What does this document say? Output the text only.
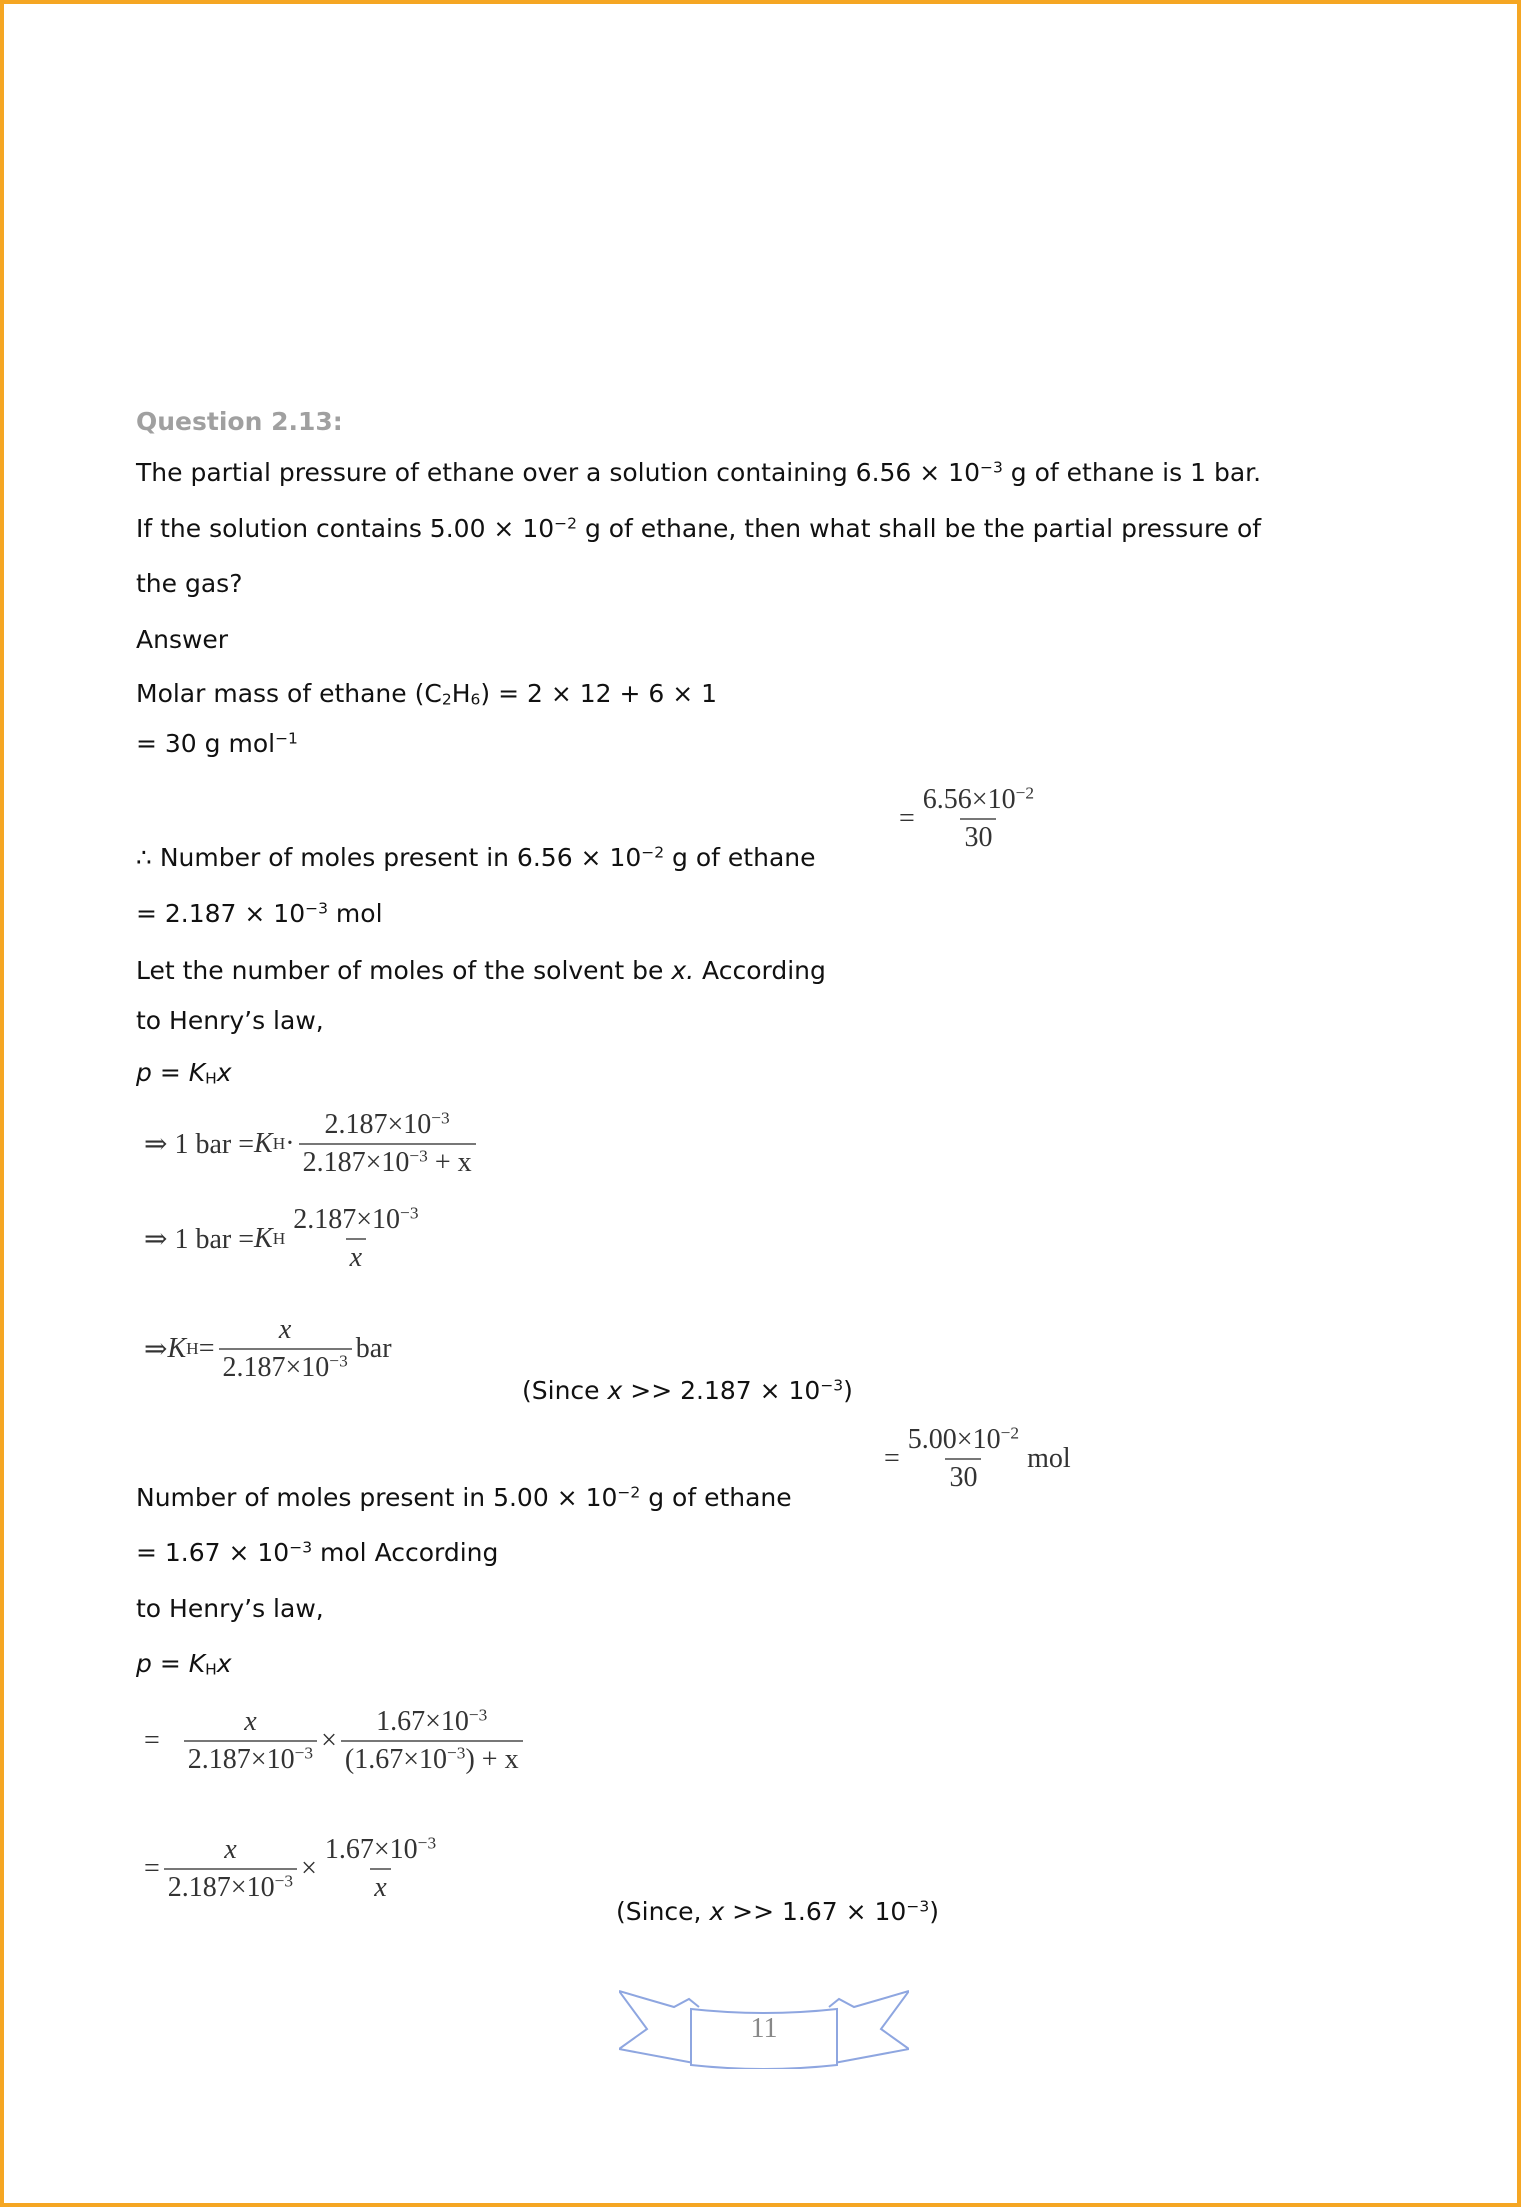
Question 2.13:
The partial pressure of ethane over a solution containing $6.56 \times 10^{-3}$ g of ethane is 1 bar.
If the solution contains $5.00 \times 10^{-2}$ g of ethane, then what shall be the partial pressure of
the gas?
Answer
Molar mass of ethane $(C_2H_6) = 2 \times 12 + 6 \times 1$
= 30 g mol$^{-1}$
∴ Number of moles present in $6.56 \times 10^{-2}$ g of ethane
= $\frac{6.56\times 10^{-2}}{30}$
= $2.187 \times 10^{-3}$ mol
Let the number of moles of the solvent be x. According
to Henry’s law,
$p = K_Hx$
⇒ 1 bar = K $H \cdot \frac{2.187\times 10^{-3}}{2.187\times 10^{-3} + x}$
⇒ 1 bar = K H $\frac{2.187\times 10^{-3}}{x}$
⇒ K $H = \frac{x}{2.187\times 10^{-3}}$ bar
(Since $x >> 2.187 \times 10^{-3}$)
= $\frac{5.00\times 10^{-2}}{30}$ mol
Number of moles present in $5.00 \times 10^{-2}$ g of ethane
= $1.67 \times 10^{-3}$ mol According
to Henry’s law,
$p = K_Hx$
= $\frac{x}{2.187\times 10^{-3}} \times \frac{1.67\times 10^{-3}}{(1.67\times 10^{-3}) + x}$
= $\frac{x}{2.187\times 10^{-3}} \times \frac{1.67\times 10^{-3}}{x}$
(Since, $x >> 1.67 \times 10^{-3}$)
11
